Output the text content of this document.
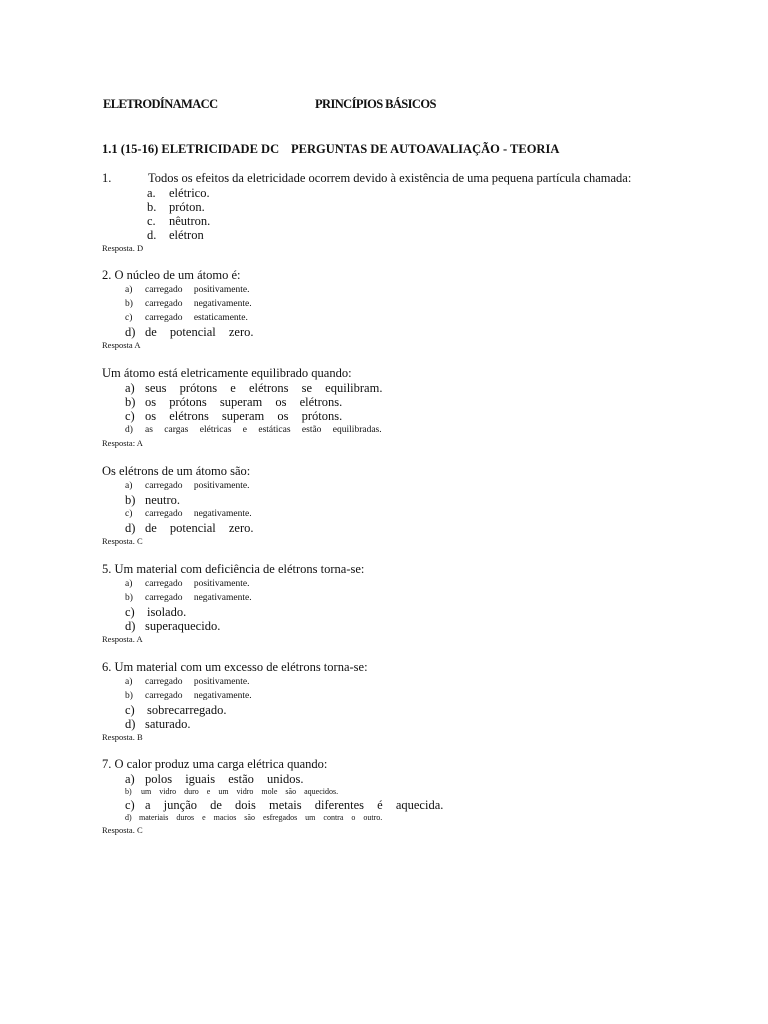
ELETRODÍNAMACC	PRINCÍPIOS BÁSICOS
1.1 (15-16) ELETRICIDADE DC PERGUNTAS DE AUTOAVALIAÇÃO - TEORIA
1.	Todos os efeitos da eletricidade ocorrem devido à existência de uma pequena partícula chamada:
a.	elétrico.
b.	próton.
c.	nêutron.
d.	elétron
Resposta. D
2. O núcleo de um átomo é:
a)	carregado positivamente.
b)	carregado negativamente.
c)	carregado estaticamente.
d) de potencial zero.
Resposta A
Um átomo está eletricamente equilibrado quando:
a) seus prótons e elétrons se equilibram.
b) os prótons superam os elétrons.
c) os elétrons superam os prótons.
d)	as cargas elétricas e estáticas estão equilibradas.
Resposta: A
Os elétrons de um átomo são:
a)	carregado positivamente.
b) neutro.
c)	carregado negativamente.
d) de potencial zero.
Resposta. C
5. Um material com deficiência de elétrons torna-se:
a)	carregado positivamente.
b)	carregado negativamente.
c) isolado.
d) superaquecido.
Resposta. A
6. Um material com um excesso de elétrons torna-se:
a)	carregado positivamente.
b)	carregado negativamente.
c) sobrecarregado.
d) saturado.
Resposta. B
7. O calor produz uma carga elétrica quando:
a) polos iguais estão unidos.
b)	um vidro duro e um vidro mole são aquecidos.
c) a junção de dois metais diferentes é aquecida.
d) materiais duros e macios são esfregados um contra o outro.
Resposta. C
